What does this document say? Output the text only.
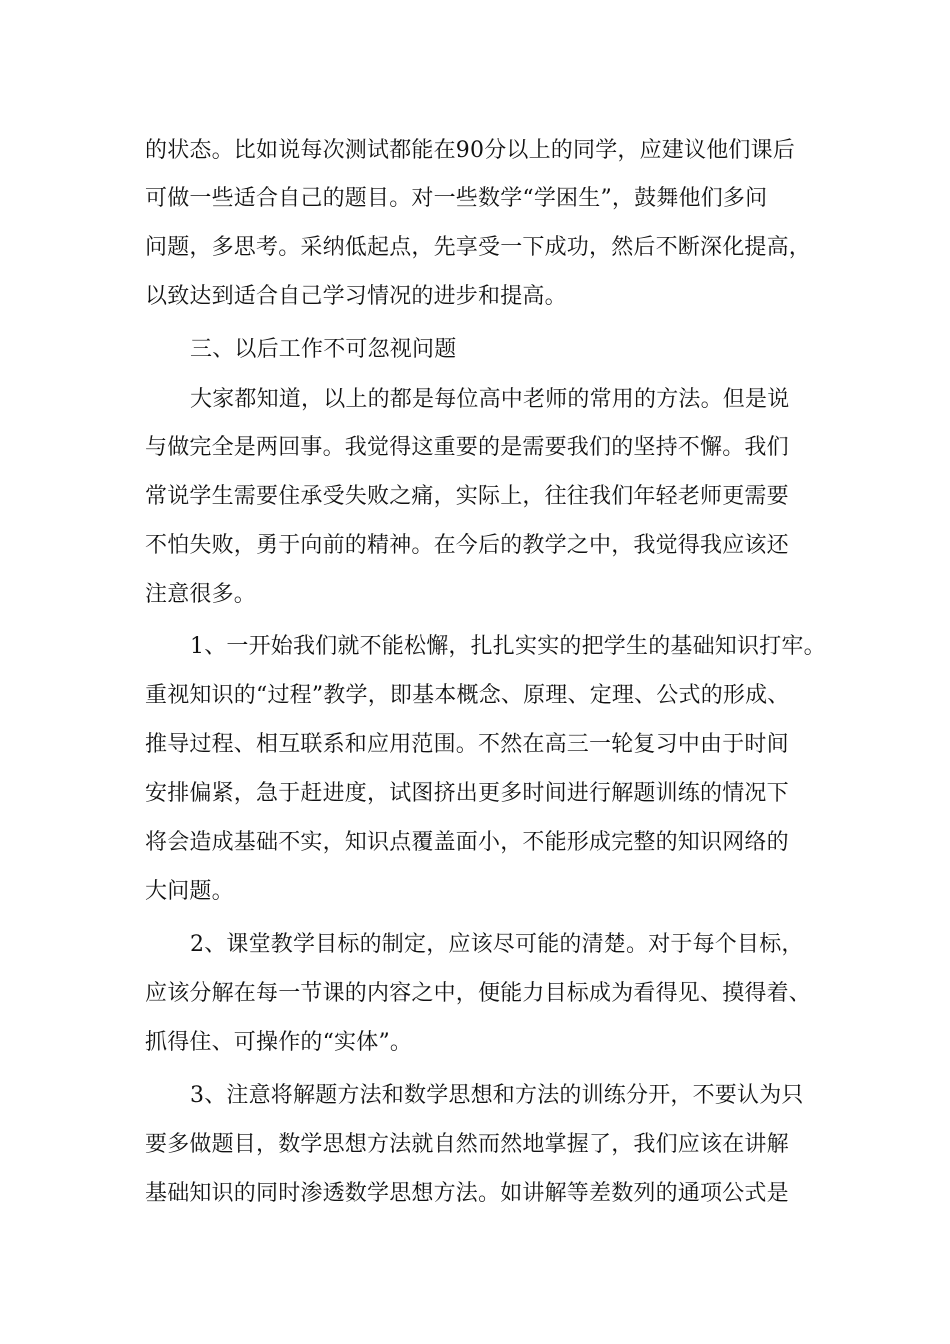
的状态。比如说每次测试都能在90分以上的同学，应建议他们课后
可做一些适合自己的题目。对一些数学“学困生”，鼓舞他们多问
问题，多思考。采纳低起点，先享受一下成功，然后不断深化提高，
以致达到适合自己学习情况的进步和提高。
三、以后工作不可忽视问题
大家都知道，以上的都是每位高中老师的常用的方法。但是说
与做完全是两回事。我觉得这重要的是需要我们的坚持不懈。我们
常说学生需要住承受失败之痛，实际上，往往我们年轻老师更需要
不怕失败，勇于向前的精神。在今后的教学之中，我觉得我应该还
注意很多。
1、一开始我们就不能松懈，扎扎实实的把学生的基础知识打牢。
重视知识的“过程”教学，即基本概念、原理、定理、公式的形成、
推导过程、相互联系和应用范围。不然在高三一轮复习中由于时间
安排偏紧，急于赶进度，试图挤出更多时间进行解题训练的情况下
将会造成基础不实，知识点覆盖面小，不能形成完整的知识网络的
大问题。
2、课堂教学目标的制定，应该尽可能的清楚。对于每个目标，
应该分解在每一节课的内容之中，便能力目标成为看得见、摸得着、
抓得住、可操作的“实体”。
3、注意将解题方法和数学思想和方法的训练分开，不要认为只
要多做题目，数学思想方法就自然而然地掌握了，我们应该在讲解
基础知识的同时渗透数学思想方法。如讲解等差数列的通项公式是
